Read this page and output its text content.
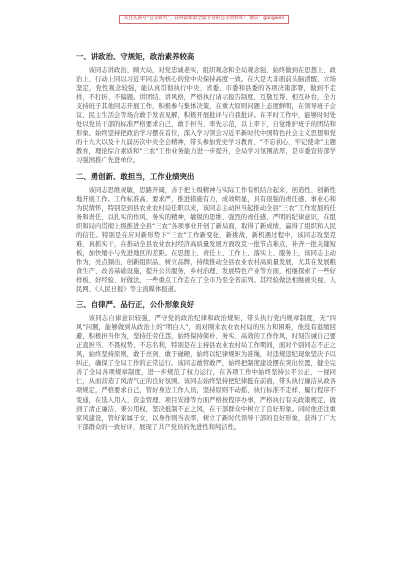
关注头条号“公文研究”，获得最新最全最专业的公文资料库！ 微信：gongwen
一、讲政治、守规矩，政治素养较高

该同志讲政治、顾大局，对党忠诚老实，组织观念和全局观念强，始终做到在思想上、政治上、行动上同以习近平同志为核心的党中央保持高度一致。在大是大非面前头脑清醒、立场坚定，党性观念较强，能认真贯彻执行中央、省委、市委和县委的各项决策部署，做到不走样、不打折、不偏题。讲团结、讲风格，严格执行请示报告制度，互敬互帮、相互补台，全力支持班子其他同志开展工作，积极参与集体决策，在重大原则问题上态度鲜明，在领导班子会议、民主生活会等场合敢于发表见解，积极开展批评与自我批评。在平时工作中，能够时时处处以党员干部的标准严格要求自己，敢于担当、率先示范，以上率下，自觉维护班子的团结和形象。始终坚持把政治学习摆在首位，深入学习领会习近平新时代中国特色社会主义思想和党的十九大以及十九届历次中央全会精神，带头参加党史学习教育、“不忘初心、牢记使命”主题教育，理论综合素质和“三农”工作业务能力进一步提升，全局学习氛围浓厚，是市委宣传部学习强国推广先进单位。

二、勇创新、敢担当，工作业绩突出

该同志思维灵敏，思路开阔，善于把上级精神与实际工作有机结合起来，创造性、创新性地开展工作。工作标准高、要求严，推进措施有力，成效明显，具有很强的责任感、事业心和为民情怀，特别是到县农业农村局任职以来，该同志主动担当起推动全县“三农”工作发展的任务和责任，以扎实的作风、务实的精神，敏锐的思维、强烈的责任感，严明的纪律意识，在组织和局内贯彻上级推进全县“三农”各项事业开创了新局面，取得了新成绩，赢得了组织和人民的信任。特别是在应对新形势下“三农”工作新变化、新挑战、新机遇过程中，该同志攻坚克难、真抓实干，在推动全县农业农村经济高质量发展方面攻克一批节点难点，补齐一批关键短板，加快缩小与先进地区的差距。在思想上、责任上、工作上、落实上、服务上，该同志主动作为，亮点频出，创新组织品、树立品牌，持续推动全县农业农村高质量发展，尤其在发展粮食生产、改善基础设施，提升公共服务，乡村治理、发展特色产业等方面，相继探索了一些好样板、好经验、好做法，一些重点工作走在了全市乃至全省前列。其经验做法相继被央视、人民网、《人民日报》等主流媒体报道。

三、自律严、品行正，公仆形象良好

该同志自律意识较强，严守党的政治纪律和政治规矩，带头执行党内规章制度，无“四风”问题，能够做到从政治上的“明白人”，面对刚来农业农村局的压力和困难，他没有退缩回避，积极担当作为，坚持任劳任怨，始终保持简朴、务实、高效的工作作风，时刻告诫自己要正直担当、不畏权势、不忘名利，特别是在主持县农业农村局工作期间，面对个别同志不正之风，始终坚持原则，敢于亮剑、敢于碰硬，始终以纪律规矩为准绳，对违规违纪现象坚决予以纠正，确保了全局工作的正常运行。该同志敢管敢严，始终把制度建设摆在突出位置，健全完善了全局各项规章制度，进一步规范了权力运行，在各项工作中始终坚持公平公正、一视同仁，从而营造了风清气正的良好氛围。该同志始终坚持把纪律挺在前面，带头执行廉洁从政各项规定，严格要求自己，管好身边工作人员，坚持原则不动摇、执行标准不走样、履行程序不变通，在选人用人、资金管理、项目安排等方面严格按程序办事，严格执行有关政策规定，做到了清正廉洁、秉公用权，坚决抵制不正之风，在干部群众中树立了良好形象。同时他还注重家风建设，管好家属子女，以身作则当表率，树立了新时代领导干部的良好形象，获得了广大干部群众的一致好评，展现了共产党员的先进性和纯洁性。
